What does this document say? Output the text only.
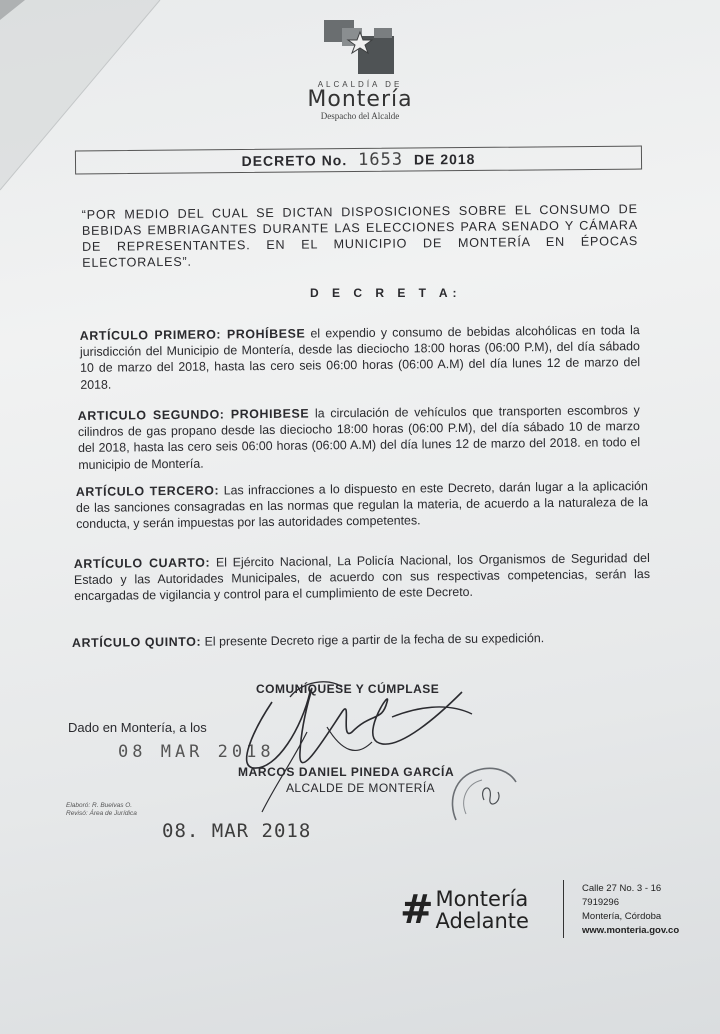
ALCALDÍA DE
Montería
Despacho del Alcalde
DECRETO No. 1653 DE 2018
“POR MEDIO DEL CUAL SE DICTAN DISPOSICIONES SOBRE EL CONSUMO DE BEBIDAS EMBRIAGANTES DURANTE LAS ELECCIONES PARA SENADO Y CÁMARA DE REPRESENTANTES. EN EL MUNICIPIO DE MONTERÍA EN ÉPOCAS ELECTORALES”.
D E C R E T A:
ARTÍCULO PRIMERO: PROHÍBESE el expendio y consumo de bebidas alcohólicas en toda la jurisdicción del Municipio de Montería, desde las dieciocho 18:00 horas (06:00 P.M), del día sábado 10 de marzo del 2018, hasta las cero seis 06:00 horas (06:00 A.M) del día lunes 12 de marzo del 2018.
ARTICULO SEGUNDO: PROHIBESE la circulación de vehículos que transporten escombros y cilindros de gas propano desde las dieciocho 18:00 horas (06:00 P.M), del día sábado 10 de marzo del 2018, hasta las cero seis 06:00 horas (06:00 A.M) del día lunes 12 de marzo del 2018. en todo el municipio de Montería.
ARTÍCULO TERCERO: Las infracciones a lo dispuesto en este Decreto, darán lugar a la aplicación de las sanciones consagradas en las normas que regulan la materia, de acuerdo a la naturaleza de la conducta, y serán impuestas por las autoridades competentes.
ARTÍCULO CUARTO: El Ejército Nacional, La Policía Nacional, los Organismos de Seguridad del Estado y las Autoridades Municipales, de acuerdo con sus respectivas competencias, serán las encargadas de vigilancia y control para el cumplimiento de este Decreto.
ARTÍCULO QUINTO: El presente Decreto rige a partir de la fecha de su expedición.
COMUNÍQUESE Y CÚMPLASE
Dado en Montería, a los
08 MAR 2018
MARCOS DANIEL PINEDA GARCÍA
ALCALDE DE MONTERÍA
Elaboró: R. Buelvas O.
Revisó: Área de Jurídica
08. MAR 2018
# Montería
Adelante
Calle 27 No. 3 - 16
7919296
Montería, Córdoba
www.monteria.gov.co
